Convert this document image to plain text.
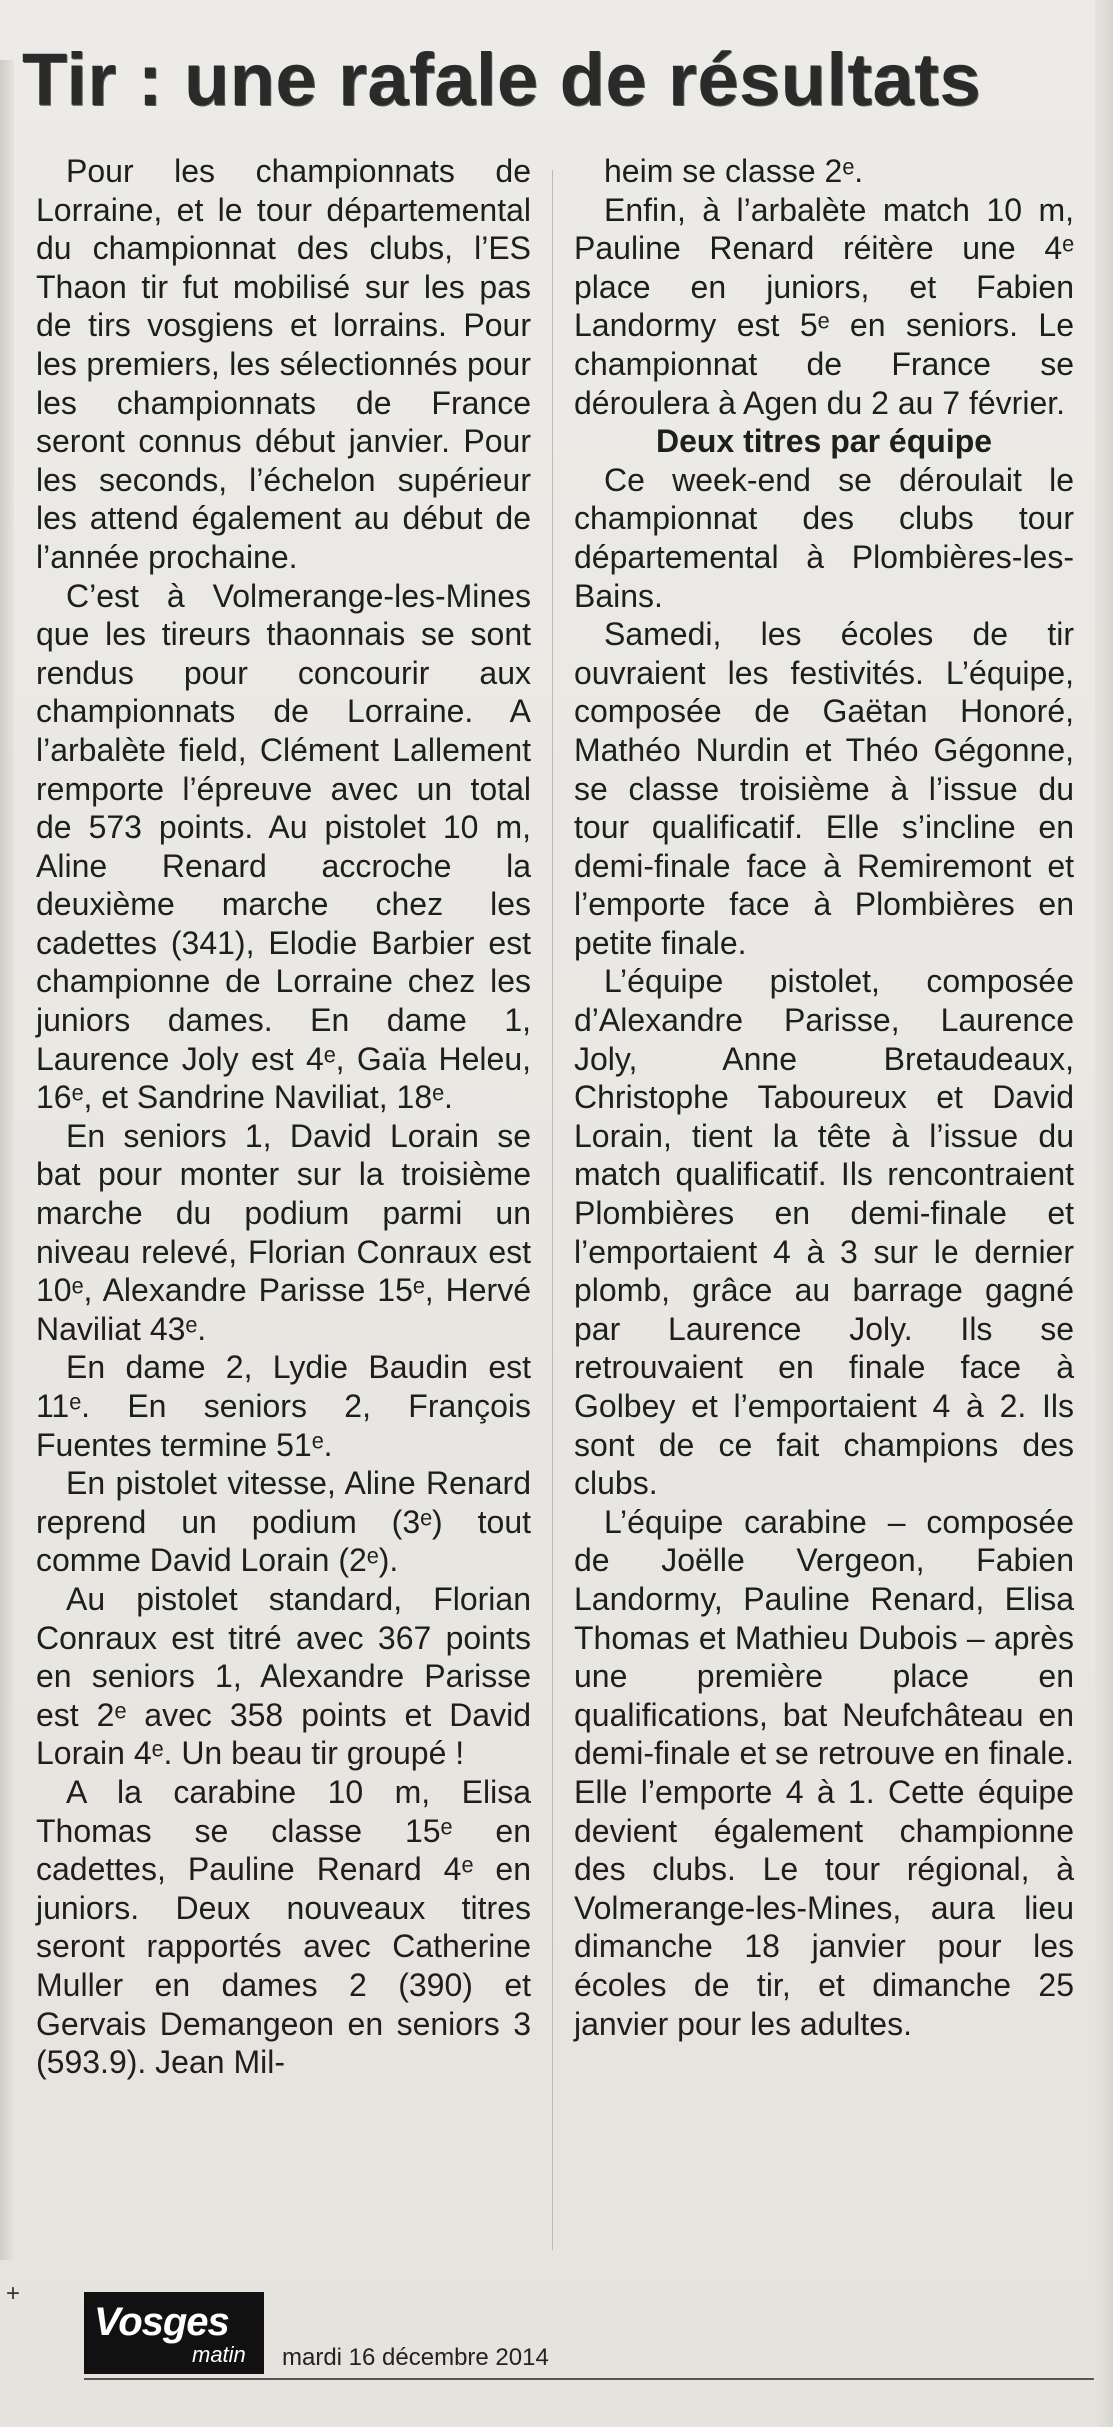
Tir : une rafale de résultats

Pour les championnats de Lorraine, et le tour départemental du championnat des clubs, l’ES Thaon tir fut mobilisé sur les pas de tirs vosgiens et lorrains. Pour les premiers, les sélectionnés pour les championnats de France seront connus début janvier. Pour les seconds, l’échelon supérieur les attend également au début de l’année prochaine.

C’est à Volmerange-les-Mines que les tireurs thaonnais se sont rendus pour concourir aux championnats de Lorraine. A l’arbalète field, Clément Lallement remporte l’épreuve avec un total de 573 points. Au pistolet 10 m, Aline Renard accroche la deuxième marche chez les cadettes (341), Elodie Barbier est championne de Lorraine chez les juniors dames. En dame 1, Laurence Joly est 4ᵉ, Gaïa Heleu, 16ᵉ, et Sandrine Naviliat, 18ᵉ.

En seniors 1, David Lorain se bat pour monter sur la troisième marche du podium parmi un niveau relevé, Florian Conraux est 10ᵉ, Alexandre Parisse 15ᵉ, Hervé Naviliat 43ᵉ.

En dame 2, Lydie Baudin est 11ᵉ. En seniors 2, François Fuentes termine 51ᵉ.

En pistolet vitesse, Aline Renard reprend un podium (3ᵉ) tout comme David Lorain (2ᵉ).

Au pistolet standard, Florian Conraux est titré avec 367 points en seniors 1, Alexandre Parisse est 2ᵉ avec 358 points et David Lorain 4ᵉ. Un beau tir groupé !

A la carabine 10 m, Elisa Thomas se classe 15ᵉ en cadettes, Pauline Renard 4ᵉ en juniors. Deux nouveaux titres seront rapportés avec Catherine Muller en dames 2 (390) et Gervais Demangeon en seniors 3 (593.9). Jean Mil-

heim se classe 2ᵉ.

Enfin, à l’arbalète match 10 m, Pauline Renard réitère une 4ᵉ place en juniors, et Fabien Landormy est 5ᵉ en seniors. Le championnat de France se déroulera à Agen du 2 au 7 février.

Deux titres par équipe

Ce week-end se déroulait le championnat des clubs tour départemental à Plombières-les-Bains.

Samedi, les écoles de tir ouvraient les festivités. L’équipe, composée de Gaëtan Honoré, Mathéo Nurdin et Théo Gégonne, se classe troisième à l’issue du tour qualificatif. Elle s’incline en demi-finale face à Remiremont et l’emporte face à Plombières en petite finale.

L’équipe pistolet, composée d’Alexandre Parisse, Laurence Joly, Anne Bretaudeaux, Christophe Taboureux et David Lorain, tient la tête à l’issue du match qualificatif. Ils rencontraient Plombières en demi-finale et l’emportaient 4 à 3 sur le dernier plomb, grâce au barrage gagné par Laurence Joly. Ils se retrouvaient en finale face à Golbey et l’emportaient 4 à 2. Ils sont de ce fait champions des clubs.

L’équipe carabine – composée de Joëlle Vergeon, Fabien Landormy, Pauline Renard, Elisa Thomas et Mathieu Dubois – après une première place en qualifications, bat Neufchâteau en demi-finale et se retrouve en finale. Elle l’emporte 4 à 1. Cette équipe devient également championne des clubs. Le tour régional, à Volmerange-les-Mines, aura lieu dimanche 18 janvier pour les écoles de tir, et dimanche 25 janvier pour les adultes.

+
Vosges
matin mardi 16 décembre 2014
